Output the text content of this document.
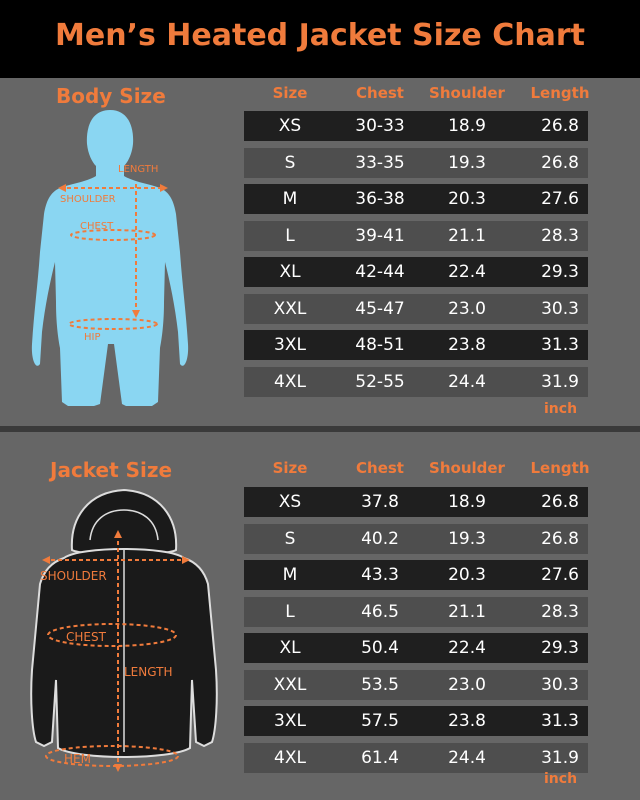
Men’s Heated Jacket Size Chart
Body Size
LENGTH
SHOULDER
CHEST
HIP
Size	Chest	Shoulder	Length
XS	30-33	18.9	26.8
S	33-35	19.3	26.8
M	36-38	20.3	27.6
L	39-41	21.1	28.3
XL	42-44	22.4	29.3
XXL	45-47	23.0	30.3
3XL	48-51	23.8	31.3
4XL	52-55	24.4	31.9
inch
Jacket Size
SHOULDER
CHEST
LENGTH
HEM
Size	Chest	Shoulder	Length
XS	37.8	18.9	26.8
S	40.2	19.3	26.8
M	43.3	20.3	27.6
L	46.5	21.1	28.3
XL	50.4	22.4	29.3
XXL	53.5	23.0	30.3
3XL	57.5	23.8	31.3
4XL	61.4	24.4	31.9
inch
